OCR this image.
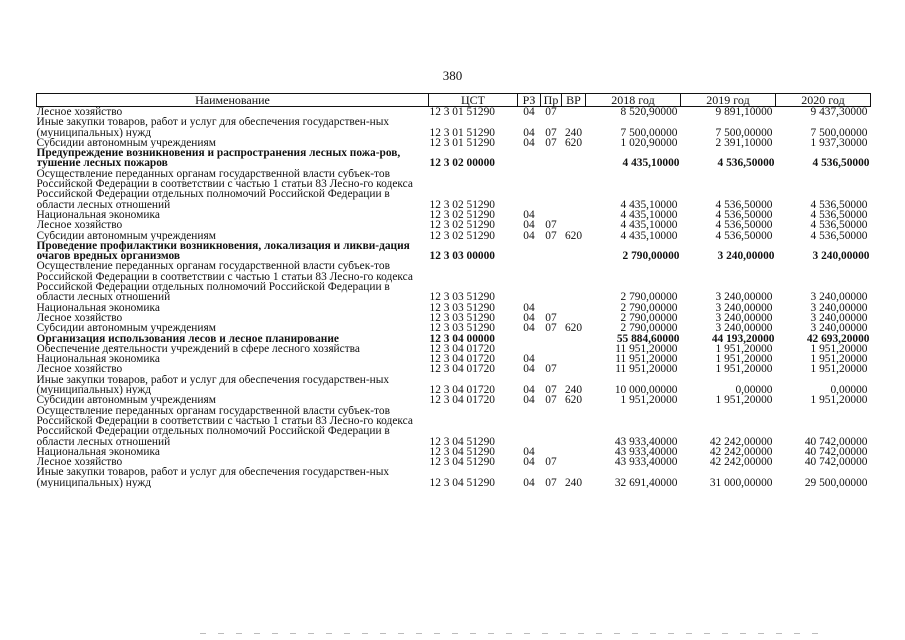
380
Наименование	ЦСТ	РЗ	Пр	ВР	2018 год	2019 год	2020 год
Лесное хозяйство	12 3 01 51290	04	07		8 520,90000	9 891,10000	9 437,30000
Иные закупки товаров, работ и услуг для обеспечения государствен-ных (муниципальных) нужд	12 3 01 51290	04	07	240	7 500,00000	7 500,00000	7 500,00000
Субсидии автономным учреждениям	12 3 01 51290	04	07	620	1 020,90000	2 391,10000	1 937,30000
Предупреждение возникновения и распространения лесных пожа-ров, тушение лесных пожаров	12 3 02 00000				4 435,10000	4 536,50000	4 536,50000
Осуществление переданных органам государственной власти субъек-тов Российской Федерации в соответствии с частью 1 статьи 83 Лесно-го кодекса Российской Федерации отдельных полномочий Российской Федерации в области лесных отношений	12 3 02 51290				4 435,10000	4 536,50000	4 536,50000
Национальная экономика	12 3 02 51290	04			4 435,10000	4 536,50000	4 536,50000
Лесное хозяйство	12 3 02 51290	04	07		4 435,10000	4 536,50000	4 536,50000
Субсидии автономным учреждениям	12 3 02 51290	04	07	620	4 435,10000	4 536,50000	4 536,50000
Проведение профилактики возникновения, локализация и ликви-дация очагов вредных организмов	12 3 03 00000				2 790,00000	3 240,00000	3 240,00000
Осуществление переданных органам государственной власти субъек-тов Российской Федерации в соответствии с частью 1 статьи 83 Лесно-го кодекса Российской Федерации отдельных полномочий Российской Федерации в области лесных отношений	12 3 03 51290				2 790,00000	3 240,00000	3 240,00000
Национальная экономика	12 3 03 51290	04			2 790,00000	3 240,00000	3 240,00000
Лесное хозяйство	12 3 03 51290	04	07		2 790,00000	3 240,00000	3 240,00000
Субсидии автономным учреждениям	12 3 03 51290	04	07	620	2 790,00000	3 240,00000	3 240,00000
Организация использования лесов и лесное планирование	12 3 04 00000				55 884,60000	44 193,20000	42 693,20000
Обеспечение деятельности учреждений в сфере лесного хозяйства	12 3 04 01720				11 951,20000	1 951,20000	1 951,20000
Национальная экономика	12 3 04 01720	04			11 951,20000	1 951,20000	1 951,20000
Лесное хозяйство	12 3 04 01720	04	07		11 951,20000	1 951,20000	1 951,20000
Иные закупки товаров, работ и услуг для обеспечения государствен-ных (муниципальных) нужд	12 3 04 01720	04	07	240	10 000,00000	0,00000	0,00000
Субсидии автономным учреждениям	12 3 04 01720	04	07	620	1 951,20000	1 951,20000	1 951,20000
Осуществление переданных органам государственной власти субъек-тов Российской Федерации в соответствии с частью 1 статьи 83 Лесно-го кодекса Российской Федерации отдельных полномочий Российской Федерации в области лесных отношений	12 3 04 51290				43 933,40000	42 242,00000	40 742,00000
Национальная экономика	12 3 04 51290	04			43 933,40000	42 242,00000	40 742,00000
Лесное хозяйство	12 3 04 51290	04	07		43 933,40000	42 242,00000	40 742,00000
Иные закупки товаров, работ и услуг для обеспечения государствен-ных (муниципальных) нужд	12 3 04 51290	04	07	240	32 691,40000	31 000,00000	29 500,00000
